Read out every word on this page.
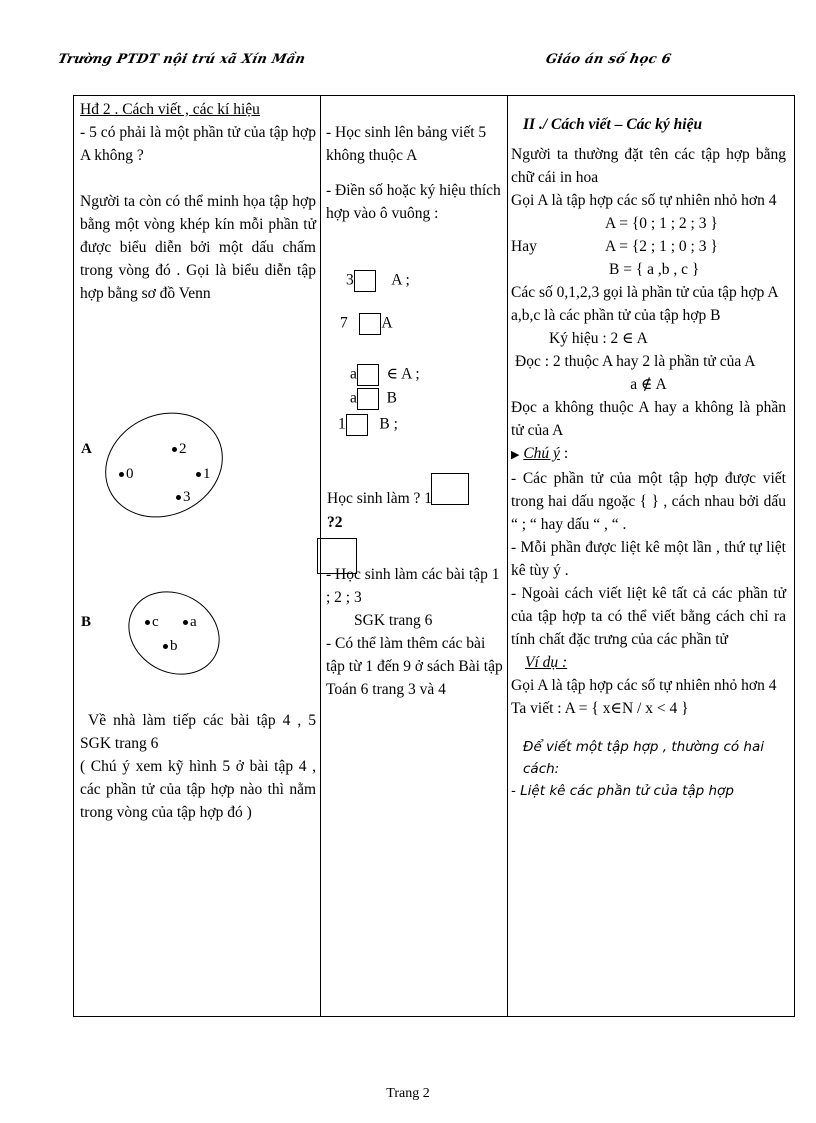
Trường PTDT nội trú xã Xín Mần	Giáo án số học 6

Hđ 2 . Cách viết , các kí hiệu

- 5 có phải là một phần tử của tập hợp A không ?

Người ta còn có thể minh họa tập hợp bằng một vòng khép kín mỗi phần tử được biểu diễn bởi một dấu chấm trong vòng đó . Gọi là biểu diễn tập hợp bằng sơ đồ Venn

A	2
0	1
3
B	c	a
b

Về nhà làm tiếp các bài tập 4 , 5 SGK trang 6

( Chú ý xem kỹ hình 5 ở bài tập 4 , các phần tử của tập hợp nào thì nằm trong vòng của tập hợp đó )

- Học sinh lên bảng viết 5 không thuộc A

- Điền số hoặc ký hiệu thích hợp vào ô vuông :

3 A ;
7 A
a ∈ A ;
a B
1 B ;
Học sinh làm ? 1
?2

- Học sinh làm các bài tập 1 ; 2 ; 3

SGK trang 6

- Có thể làm thêm các bài tập từ 1 đến 9 ở sách Bài tập Toán 6 trang 3 và 4

II ./ Cách viết – Các ký hiệu

Người ta thường đặt tên các tập hợp bằng chữ cái in hoa

Gọi A là tập hợp các số tự nhiên nhỏ hơn 4

A = {0 ; 1 ; 2 ; 3 }

Hay	A = {2 ; 1 ; 0 ; 3 }

B = { a ,b , c }

Các số 0,1,2,3 gọi là phần tử của tập hợp A

a,b,c là các phần tử của tập hợp B

Ký hiệu : 2 ∈ A

Đọc : 2 thuộc A hay 2 là phần tử của A

a ∉ A

Đọc a không thuộc A hay a không là phần tử của A

▶ Chú ý :

- Các phần tử của một tập hợp được viết trong hai dấu ngoặc { } , cách nhau bởi dấu “ ; “ hay dấu “ , “ .

- Mỗi phần được liệt kê một lần , thứ tự liệt kê tùy ý .

- Ngoài cách viết liệt kê tất cả các phần tử của tập hợp ta có thể viết bằng cách chỉ ra tính chất đặc trưng của các phần tử

Ví dụ :

Gọi A là tập hợp các số tự nhiên nhỏ hơn 4

Ta viết : A = { x∈N / x < 4 }

Để viết một tập hợp , thường có hai cách:

- Liệt kê các phần tử của tập hợp

Trang 2
